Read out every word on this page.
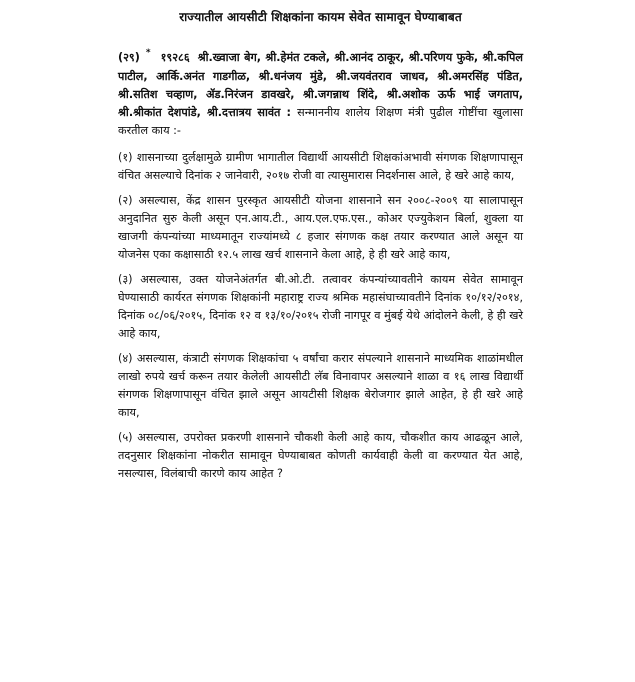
राज्यातील आयसीटी शिक्षकांना कायम सेवेत सामावून घेण्याबाबत
(२९) * १९२८६ श्री.ख्वाजा बेग, श्री.हेमंत टकले, श्री.आनंद ठाकूर, श्री.परिणय फुके, श्री.कपिल पाटील, आर्कि.अनंत गाडगीळ, श्री.धनंजय मुंडे, श्री.जयवंतराव जाधव, श्री.अमरसिंह पंडित, श्री.सतिश चव्हाण, ॲड.निरंजन डावखरे, श्री.जगन्नाथ शिंदे, श्री.अशोक ऊर्फ भाई जगताप, श्री.श्रीकांत देशपांडे, श्री.दत्तात्रय सावंत : सन्माननीय शालेय शिक्षण मंत्री पुढील गोष्टींचा खुलासा करतील काय :-
(१) शासनाच्या दुर्लक्षामुळे ग्रामीण भागातील विद्यार्थी आयसीटी शिक्षकांअभावी संगणक शिक्षणापासून वंचित असल्याचे दिनांक २ जानेवारी, २०१७ रोजी वा त्यासुमारास निदर्शनास आले, हे खरे आहे काय,
(२) असल्यास, केंद्र शासन पुरस्कृत आयसीटी योजना शासनाने सन २००८-२००९ या सालापासून अनुदानित सुरु केली असून एन.आय.टी., आय.एल.एफ.एस., कोअर एज्युकेशन बिर्ला, शुक्ला या खाजगी कंपन्यांच्या माध्यमातून राज्यांमध्ये ८ हजार संगणक कक्ष तयार करण्यात आले असून या योजनेस एका कक्षासाठी १२.५ लाख खर्च शासनाने केला आहे, हे ही खरे आहे काय,
(३) असल्यास, उक्त योजनेअंतर्गत बी.ओ.टी. तत्वावर कंपन्यांच्यावतीने कायम सेवेत सामावून घेण्यासाठी कार्यरत संगणक शिक्षकांनी महाराष्ट्र राज्य श्रमिक महासंघाच्यावतीने दिनांक १०/१२/२०१४, दिनांक ०८/०६/२०१५, दिनांक १२ व १३/१०/२०१५ रोजी नागपूर व मुंबई येथे आंदोलने केली, हे ही खरे आहे काय,
(४) असल्यास, कंत्राटी संगणक शिक्षकांचा ५ वर्षांचा करार संपल्याने शासनाने माध्यमिक शाळांमधील लाखो रुपये खर्च करून तयार केलेली आयसीटी लॅब विनावापर असल्याने शाळा व १६ लाख विद्यार्थी संगणक शिक्षणापासून वंचित झाले असून आयटीसी शिक्षक बेरोजगार झाले आहेत, हे ही खरे आहे काय,
(५) असल्यास, उपरोक्त प्रकरणी शासनाने चौकशी केली आहे काय, चौकशीत काय आढळून आले, तदनुसार शिक्षकांना नोकरीत सामावून घेण्याबाबत कोणती कार्यवाही केली वा करण्यात येत आहे, नसल्यास, विलंबाची कारणे काय आहेत ?
